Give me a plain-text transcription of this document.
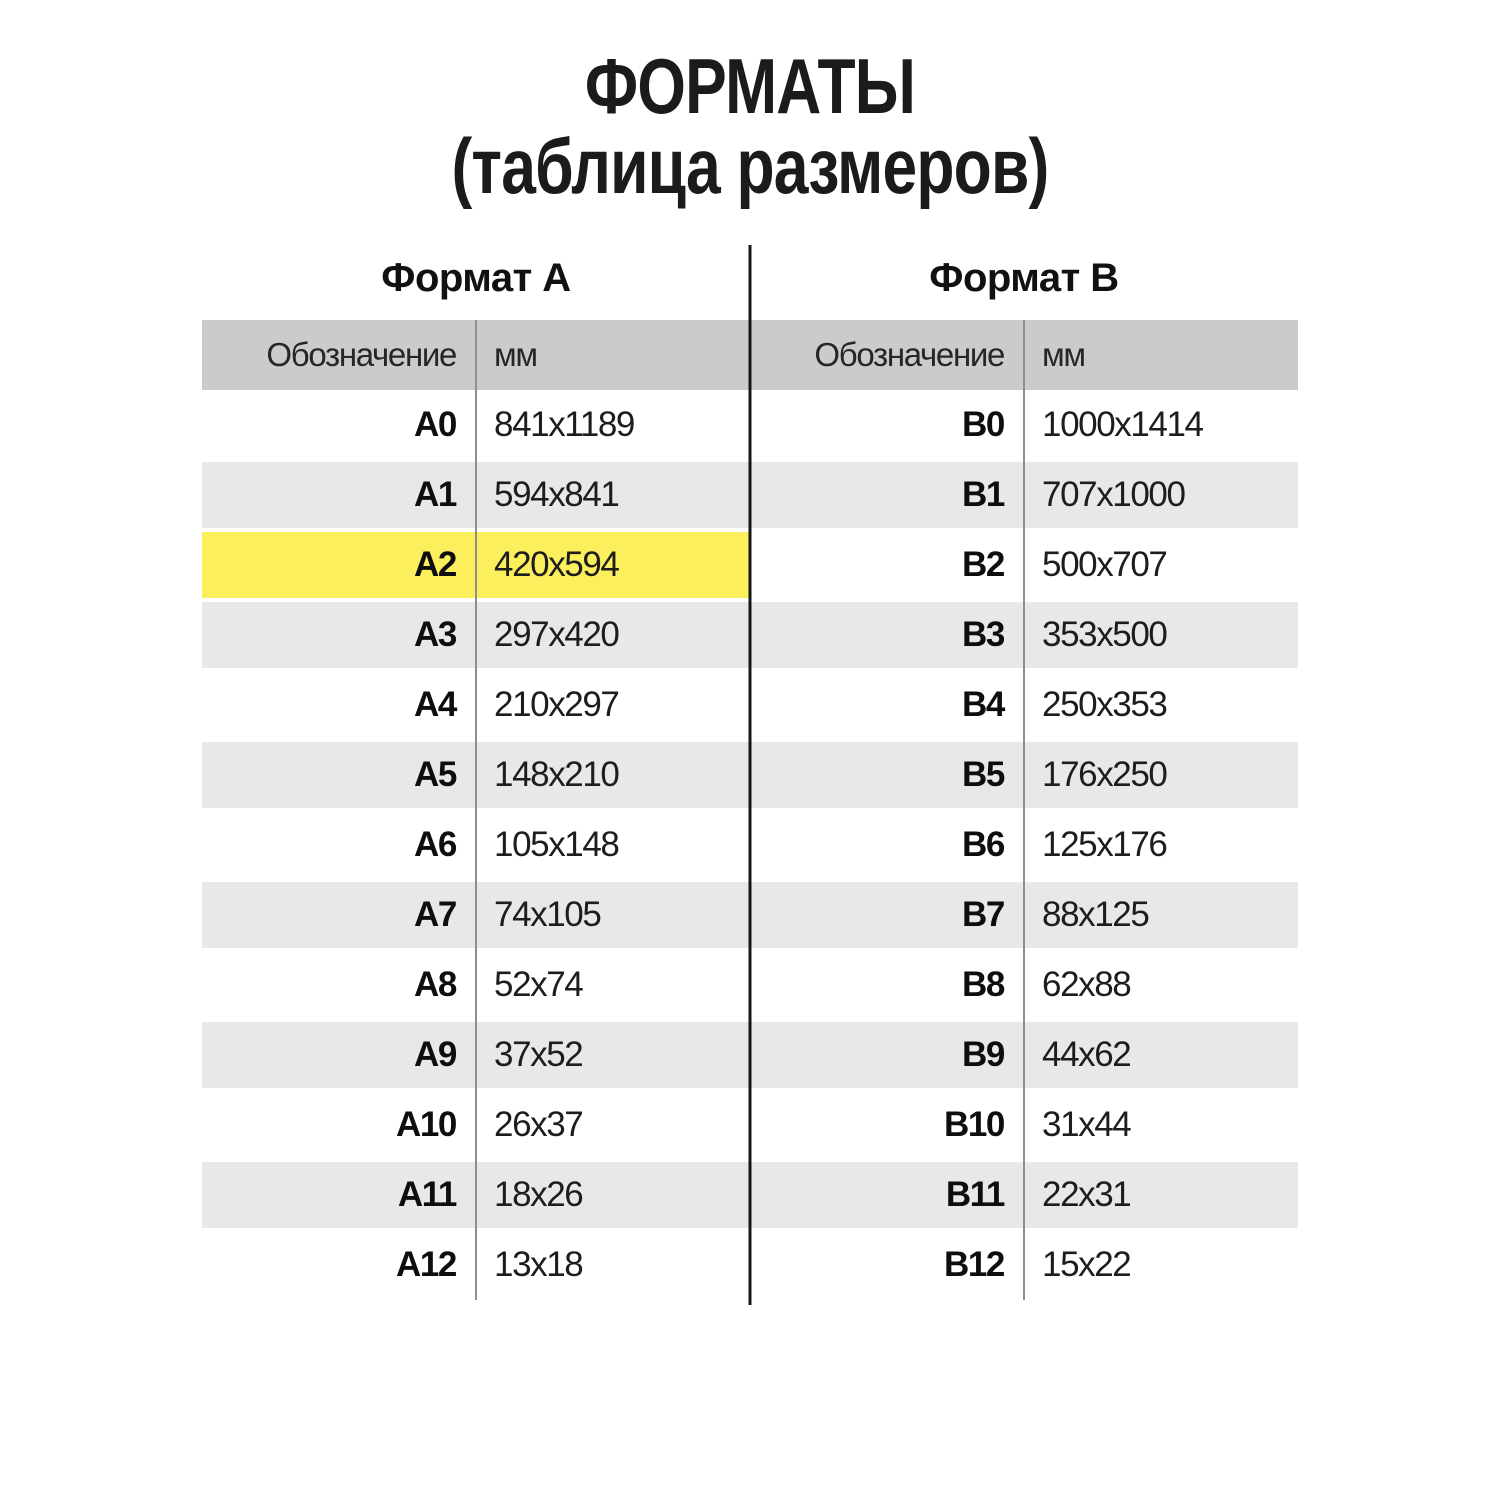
ФОРМАТЫ
(таблица размеров)
Формат А	Формат B
Обозначение	мм	Обозначение	мм
A0	841x1189	B0	1000x1414
A1	594x841	B1	707x1000
A2	420x594	B2	500x707
A3	297x420	B3	353x500
A4	210x297	B4	250x353
A5	148x210	B5	176x250
A6	105x148	B6	125x176
A7	74x105	B7	88x125
A8	52x74	B8	62x88
A9	37x52	B9	44x62
A10	26x37	B10	31x44
A11	18x26	B11	22x31
A12	13x18	B12	15x22
